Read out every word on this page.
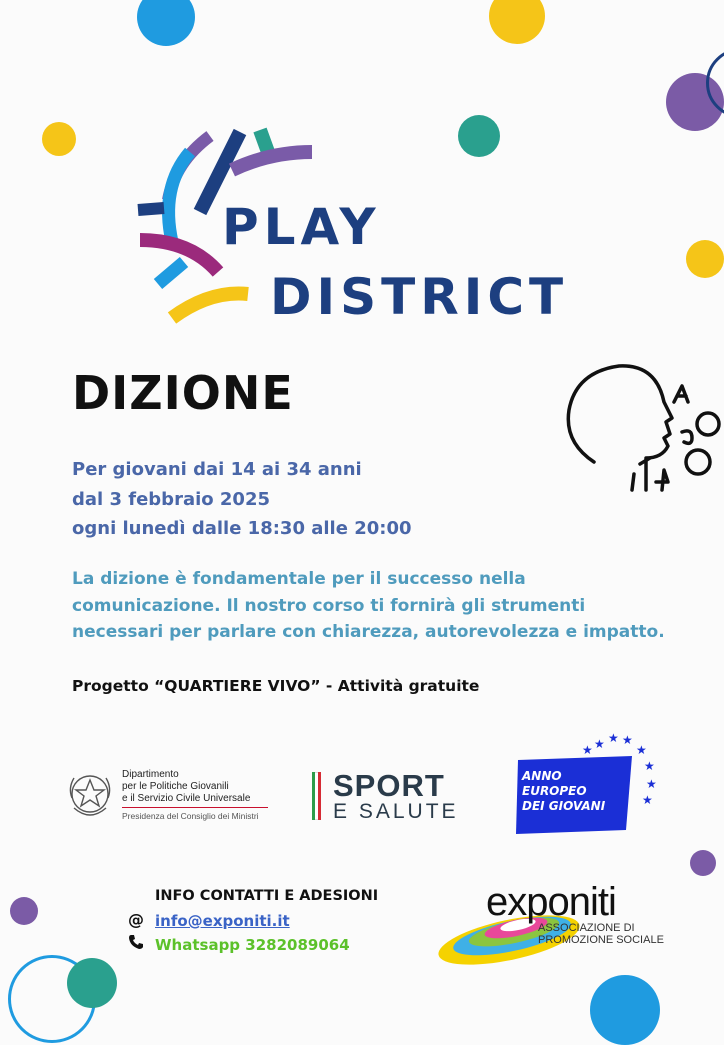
PLAY
DISTRICT
DIZIONE
Per giovani dai 14 ai 34 anni
dal 3 febbraio 2025
ogni lunedì dalle 18:30 alle 20:00
La dizione è fondamentale per il successo nella
comunicazione. Il nostro corso ti fornirà gli strumenti
necessari per parlare con chiarezza, autorevolezza e impatto.
Progetto “QUARTIERE VIVO” - Attività gratuite
Dipartimento
per le Politiche Giovanili
e il Servizio Civile Universale
Presidenza del Consiglio dei Ministri
SPORT
E SALUTE
★ ★ ★
★
★
★
★
★
ANNO
EUROPEO
DEI GIOVANI
INFO CONTATTI E ADESIONI
@ info@exponiti.it
Whatsapp 3282089064
exponiti
ASSOCIAZIONE DI
PROMOZIONE SOCIALE
